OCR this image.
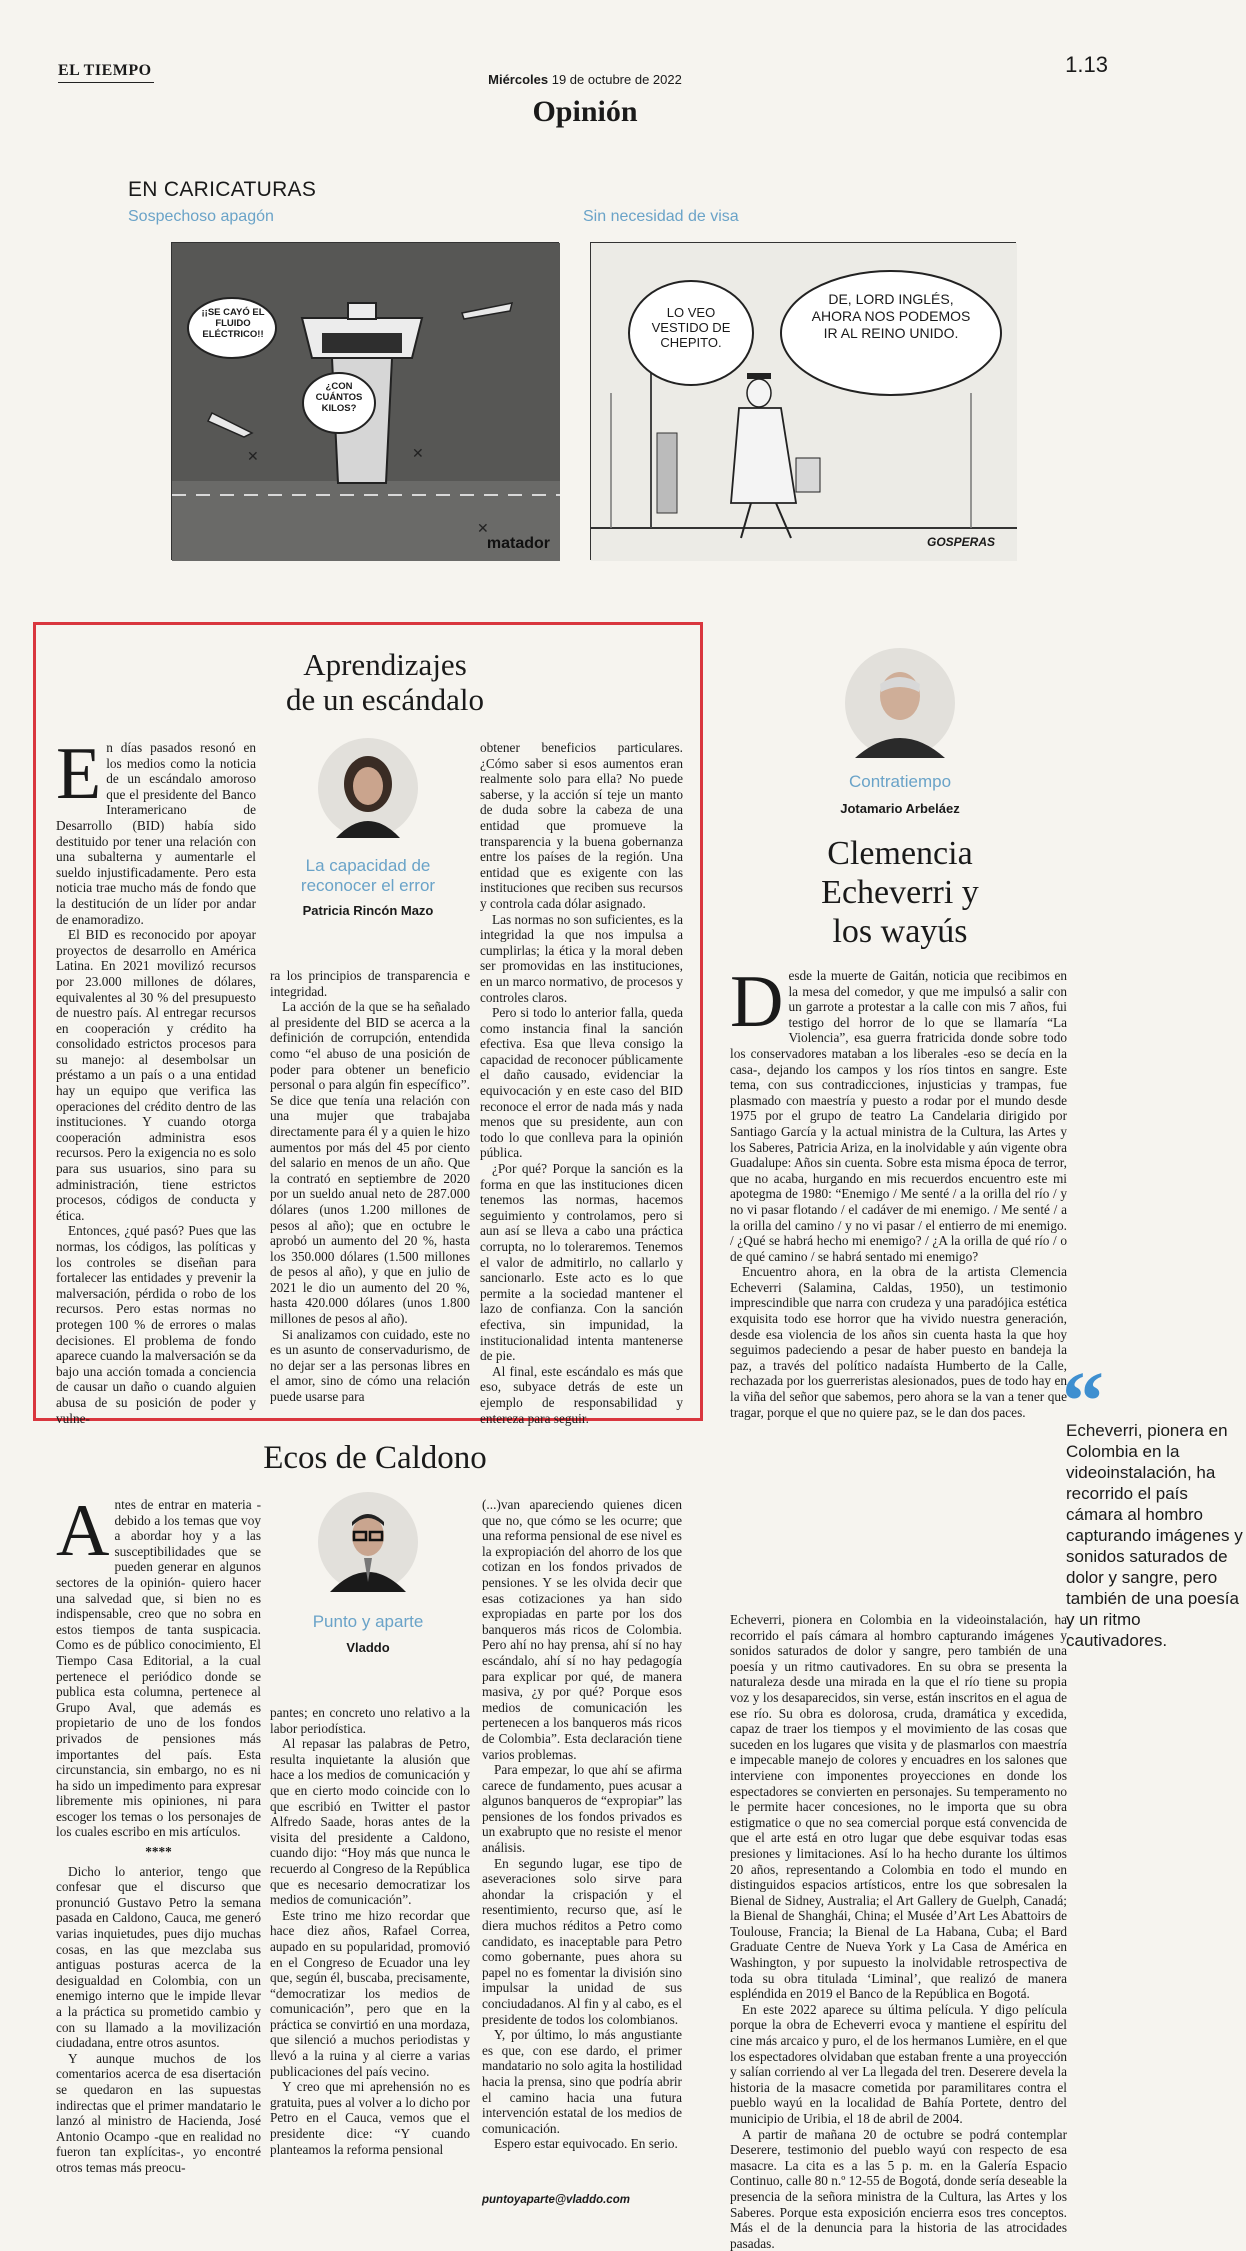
EL TIEMPO
Miércoles 19 de octubre de 2022
1.13
Opinión
EN CARICATURAS
Sospechoso apagón	Sin necesidad de visa
✕	✕
✕
¡¡SE CAYÓ EL FLUIDO ELÉCTRICO!!
¿CON CUÁNTOS KILOS?
matador
LO VEO VESTIDO DE CHEPITO.
DE, LORD INGLÉS, AHORA NOS PODEMOS IR AL REINO UNIDO.
GOSPERAS
Aprendizajes
de un escándalo

En días pasados resonó en los medios como la noticia de un escándalo amoroso que el presidente del Banco Interamericano de Desarrollo (BID) había sido destituido por tener una relación con una subalterna y aumentarle el sueldo injustificadamente. Pero esta noticia trae mucho más de fondo que la destitución de un líder por andar de enamoradizo.

El BID es reconocido por apoyar proyectos de desarrollo en América Latina. En 2021 movilizó recursos por 23.000 millones de dólares, equivalentes al 30 % del presupuesto de nuestro país. Al entregar recursos en cooperación y crédito ha consolidado estrictos procesos para su manejo: al desembolsar un préstamo a un país o a una entidad hay un equipo que verifica las operaciones del crédito dentro de las instituciones. Y cuando otorga cooperación administra esos recursos. Pero la exigencia no es solo para sus usuarios, sino para su administración, tiene estrictos procesos, códigos de conducta y ética.

Entonces, ¿qué pasó? Pues que las normas, los códigos, las políticas y los controles se diseñan para fortalecer las entidades y prevenir la malversación, pérdida o robo de los recursos. Pero estas normas no protegen 100 % de errores o malas decisiones. El problema de fondo aparece cuando la malversación se da bajo una acción tomada a conciencia de causar un daño o cuando alguien abusa de su posición de poder y vulne-

La capacidad de
reconocer el error
Patricia Rincón Mazo

ra los principios de transparencia e integridad.

La acción de la que se ha señalado al presidente del BID se acerca a la definición de corrupción, entendida como “el abuso de una posición de poder para obtener un beneficio personal o para algún fin específico”. Se dice que tenía una relación con una mujer que trabajaba directamente para él y a quien le hizo aumentos por más del 45 por ciento del salario en menos de un año. Que la contrató en septiembre de 2020 por un sueldo anual neto de 287.000 dólares (unos 1.200 millones de pesos al año); que en octubre le aprobó un aumento del 20 %, hasta los 350.000 dólares (1.500 millones de pesos al año), y que en julio de 2021 le dio un aumento del 20 %, hasta 420.000 dólares (unos 1.800 millones de pesos al año).

Si analizamos con cuidado, este no es un asunto de conservadurismo, de no dejar ser a las personas libres en el amor, sino de cómo una relación puede usarse para

obtener beneficios particulares. ¿Cómo saber si esos aumentos eran realmente solo para ella? No puede saberse, y la acción sí teje un manto de duda sobre la cabeza de una entidad que promueve la transparencia y la buena gobernanza entre los países de la región. Una entidad que es exigente con las instituciones que reciben sus recursos y controla cada dólar asignado.

Las normas no son suficientes, es la integridad la que nos impulsa a cumplirlas; la ética y la moral deben ser promovidas en las instituciones, en un marco normativo, de procesos y controles claros.

Pero si todo lo anterior falla, queda como instancia final la sanción efectiva. Esa que lleva consigo la capacidad de reconocer públicamente el daño causado, evidenciar la equivocación y en este caso del BID reconoce el error de nada más y nada menos que su presidente, aun con todo lo que conlleva para la opinión pública.

¿Por qué? Porque la sanción es la forma en que las instituciones dicen tenemos las normas, hacemos seguimiento y controlamos, pero si aun así se lleva a cabo una práctica corrupta, no lo toleraremos. Tenemos el valor de admitirlo, no callarlo y sancionarlo. Este acto es lo que permite a la sociedad mantener el lazo de confianza. Con la sanción efectiva, sin impunidad, la institucionalidad intenta mantenerse de pie.

Al final, este escándalo es más que eso, subyace detrás de este un ejemplo de responsabilidad y entereza para seguir.

Ecos de Caldono

Antes de entrar en materia -debido a los temas que voy a abordar hoy y a las susceptibilidades que se pueden generar en algunos sectores de la opinión- quiero hacer una salvedad que, si bien no es indispensable, creo que no sobra en estos tiempos de tanta suspicacia. Como es de público conocimiento, El Tiempo Casa Editorial, a la cual pertenece el periódico donde se publica esta columna, pertenece al Grupo Aval, que además es propietario de uno de los fondos privados de pensiones más importantes del país. Esta circunstancia, sin embargo, no es ni ha sido un impedimento para expresar libremente mis opiniones, ni para escoger los temas o los personajes de los cuales escribo en mis artículos.

****

Dicho lo anterior, tengo que confesar que el discurso que pronunció Gustavo Petro la semana pasada en Caldono, Cauca, me generó varias inquietudes, pues dijo muchas cosas, en las que mezclaba sus antiguas posturas acerca de la desigualdad en Colombia, con un enemigo interno que le impide llevar a la práctica su prometido cambio y con su llamado a la movilización ciudadana, entre otros asuntos.

Y aunque muchos de los comentarios acerca de esa disertación se quedaron en las supuestas indirectas que el primer mandatario le lanzó al ministro de Hacienda, José Antonio Ocampo -que en realidad no fueron tan explícitas-, yo encontré otros temas más preocu-

Punto y aparte
Vladdo

pantes; en concreto uno relativo a la labor periodística.

Al repasar las palabras de Petro, resulta inquietante la alusión que hace a los medios de comunicación y que en cierto modo coincide con lo que escribió en Twitter el pastor Alfredo Saade, horas antes de la visita del presidente a Caldono, cuando dijo: “Hoy más que nunca le recuerdo al Congreso de la República que es necesario democratizar los medios de comunicación”.

Este trino me hizo recordar que hace diez años, Rafael Correa, aupado en su popularidad, promovió en el Congreso de Ecuador una ley que, según él, buscaba, precisamente, “democratizar los medios de comunicación”, pero que en la práctica se convirtió en una mordaza, que silenció a muchos periodistas y llevó a la ruina y al cierre a varias publicaciones del país vecino.

Y creo que mi aprehensión no es gratuita, pues al volver a lo dicho por Petro en el Cauca, vemos que el presidente dice: “Y cuando planteamos la reforma pensional

(...)van apareciendo quienes dicen que no, que cómo se les ocurre; que una reforma pensional de ese nivel es la expropiación del ahorro de los que cotizan en los fondos privados de pensiones. Y se les olvida decir que esas cotizaciones ya han sido expropiadas en parte por los dos banqueros más ricos de Colombia. Pero ahí no hay prensa, ahí sí no hay escándalo, ahí sí no hay pedagogía para explicar por qué, de manera masiva, ¿y por qué? Porque esos medios de comunicación les pertenecen a los banqueros más ricos de Colombia”. Esta declaración tiene varios problemas.

Para empezar, lo que ahí se afirma carece de fundamento, pues acusar a algunos banqueros de “expropiar” las pensiones de los fondos privados es un exabrupto que no resiste el menor análisis.

En segundo lugar, ese tipo de aseveraciones solo sirve para ahondar la crispación y el resentimiento, recurso que, así le diera muchos réditos a Petro como candidato, es inaceptable para Petro como gobernante, pues ahora su papel no es fomentar la división sino impulsar la unidad de sus conciudadanos. Al fin y al cabo, es el presidente de todos los colombianos.

Y, por último, lo más angustiante es que, con ese dardo, el primer mandatario no solo agita la hostilidad hacia la prensa, sino que podría abrir el camino hacia una futura intervención estatal de los medios de comunicación.

Espero estar equivocado. En serio.

puntoyaparte@vladdo.com
Contratiempo
Jotamario Arbeláez
Clemencia
Echeverri y
los wayús

Desde la muerte de Gaitán, noticia que recibimos en la mesa del comedor, y que me impulsó a salir con un garrote a protestar a la calle con mis 7 años, fui testigo del horror de lo que se llamaría “La Violencia”, esa guerra fratricida donde sobre todo los conservadores mataban a los liberales -eso se decía en la casa-, dejando los campos y los ríos tintos en sangre. Este tema, con sus contradicciones, injusticias y trampas, fue plasmado con maestría y puesto a rodar por el mundo desde 1975 por el grupo de teatro La Candelaria dirigido por Santiago García y la actual ministra de la Cultura, las Artes y los Saberes, Patricia Ariza, en la inolvidable y aún vigente obra Guadalupe: Años sin cuenta. Sobre esta misma época de terror, que no acaba, hurgando en mis recuerdos encuentro este mi apotegma de 1980: “Enemigo / Me senté / a la orilla del río / y no vi pasar flotando / el cadáver de mi enemigo. / Me senté / a la orilla del camino / y no vi pasar / el entierro de mi enemigo. / ¿Qué se habrá hecho mi enemigo? / ¿A la orilla de qué río / o de qué camino / se habrá sentado mi enemigo?

Encuentro ahora, en la obra de la artista Clemencia Echeverri (Salamina, Caldas, 1950), un testimonio imprescindible que narra con crudeza y una paradójica estética exquisita todo ese horror que ha vivido nuestra generación, desde esa violencia de los años sin cuenta hasta la que hoy seguimos padeciendo a pesar de haber puesto en bandeja la paz, a través del político nadaísta Humberto de la Calle, rechazada por los guerreristas alesionados, pues de todo hay en la viña del señor que sabemos, pero ahora se la van a tener que tragar, porque el que no quiere paz, se le dan dos paces. “
Echeverri, pionera en Colombia en la videoinstalación, ha recorrido el país cámara al hombro capturando imágenes y sonidos saturados de dolor y sangre, pero también de una poesía y un ritmo cautivadores.

Echeverri, pionera en Colombia en la videoinstalación, ha recorrido el país cámara al hombro capturando imágenes y sonidos saturados de dolor y sangre, pero también de una poesía y un ritmo cautivadores. En su obra se presenta la naturaleza desde una mirada en la que el río tiene su propia voz y los desaparecidos, sin verse, están inscritos en el agua de ese río. Su obra es dolorosa, cruda, dramática y excedida, capaz de traer los tiempos y el movimiento de las cosas que suceden en los lugares que visita y de plasmarlos con maestría e impecable manejo de colores y encuadres en los salones que interviene con imponentes proyecciones en donde los espectadores se convierten en personajes. Su temperamento no le permite hacer concesiones, no le importa que su obra estigmatice o que no sea comercial porque está convencida de que el arte está en otro lugar que debe esquivar todas esas presiones y limitaciones. Así lo ha hecho durante los últimos 20 años, representando a Colombia en todo el mundo en distinguidos espacios artísticos, entre los que sobresalen la Bienal de Sidney, Australia; el Art Gallery de Guelph, Canadá; la Bienal de Shanghái, China; el Musée d’Art Les Abattoirs de Toulouse, Francia; la Bienal de La Habana, Cuba; el Bard Graduate Centre de Nueva York y La Casa de América en Washington, y por supuesto la inolvidable retrospectiva de toda su obra titulada ‘Liminal’, que realizó de manera espléndida en 2019 el Banco de la República en Bogotá.

En este 2022 aparece su última película. Y digo película porque la obra de Echeverri evoca y mantiene el espíritu del cine más arcaico y puro, el de los hermanos Lumière, en el que los espectadores olvidaban que estaban frente a una proyección y salían corriendo al ver La llegada del tren. Deserere devela la historia de la masacre cometida por paramilitares contra el pueblo wayú en la localidad de Bahía Portete, dentro del municipio de Uribia, el 18 de abril de 2004.

A partir de mañana 20 de octubre se podrá contemplar Deserere, testimonio del pueblo wayú con respecto de esa masacre. La cita es a las 5 p. m. en la Galería Espacio Continuo, calle 80 n.º 12-55 de Bogotá, donde sería deseable la presencia de la señora ministra de la Cultura, las Artes y los Saberes. Porque esta exposición encierra esos tres conceptos. Más el de la denuncia para la historia de las atrocidades pasadas.
